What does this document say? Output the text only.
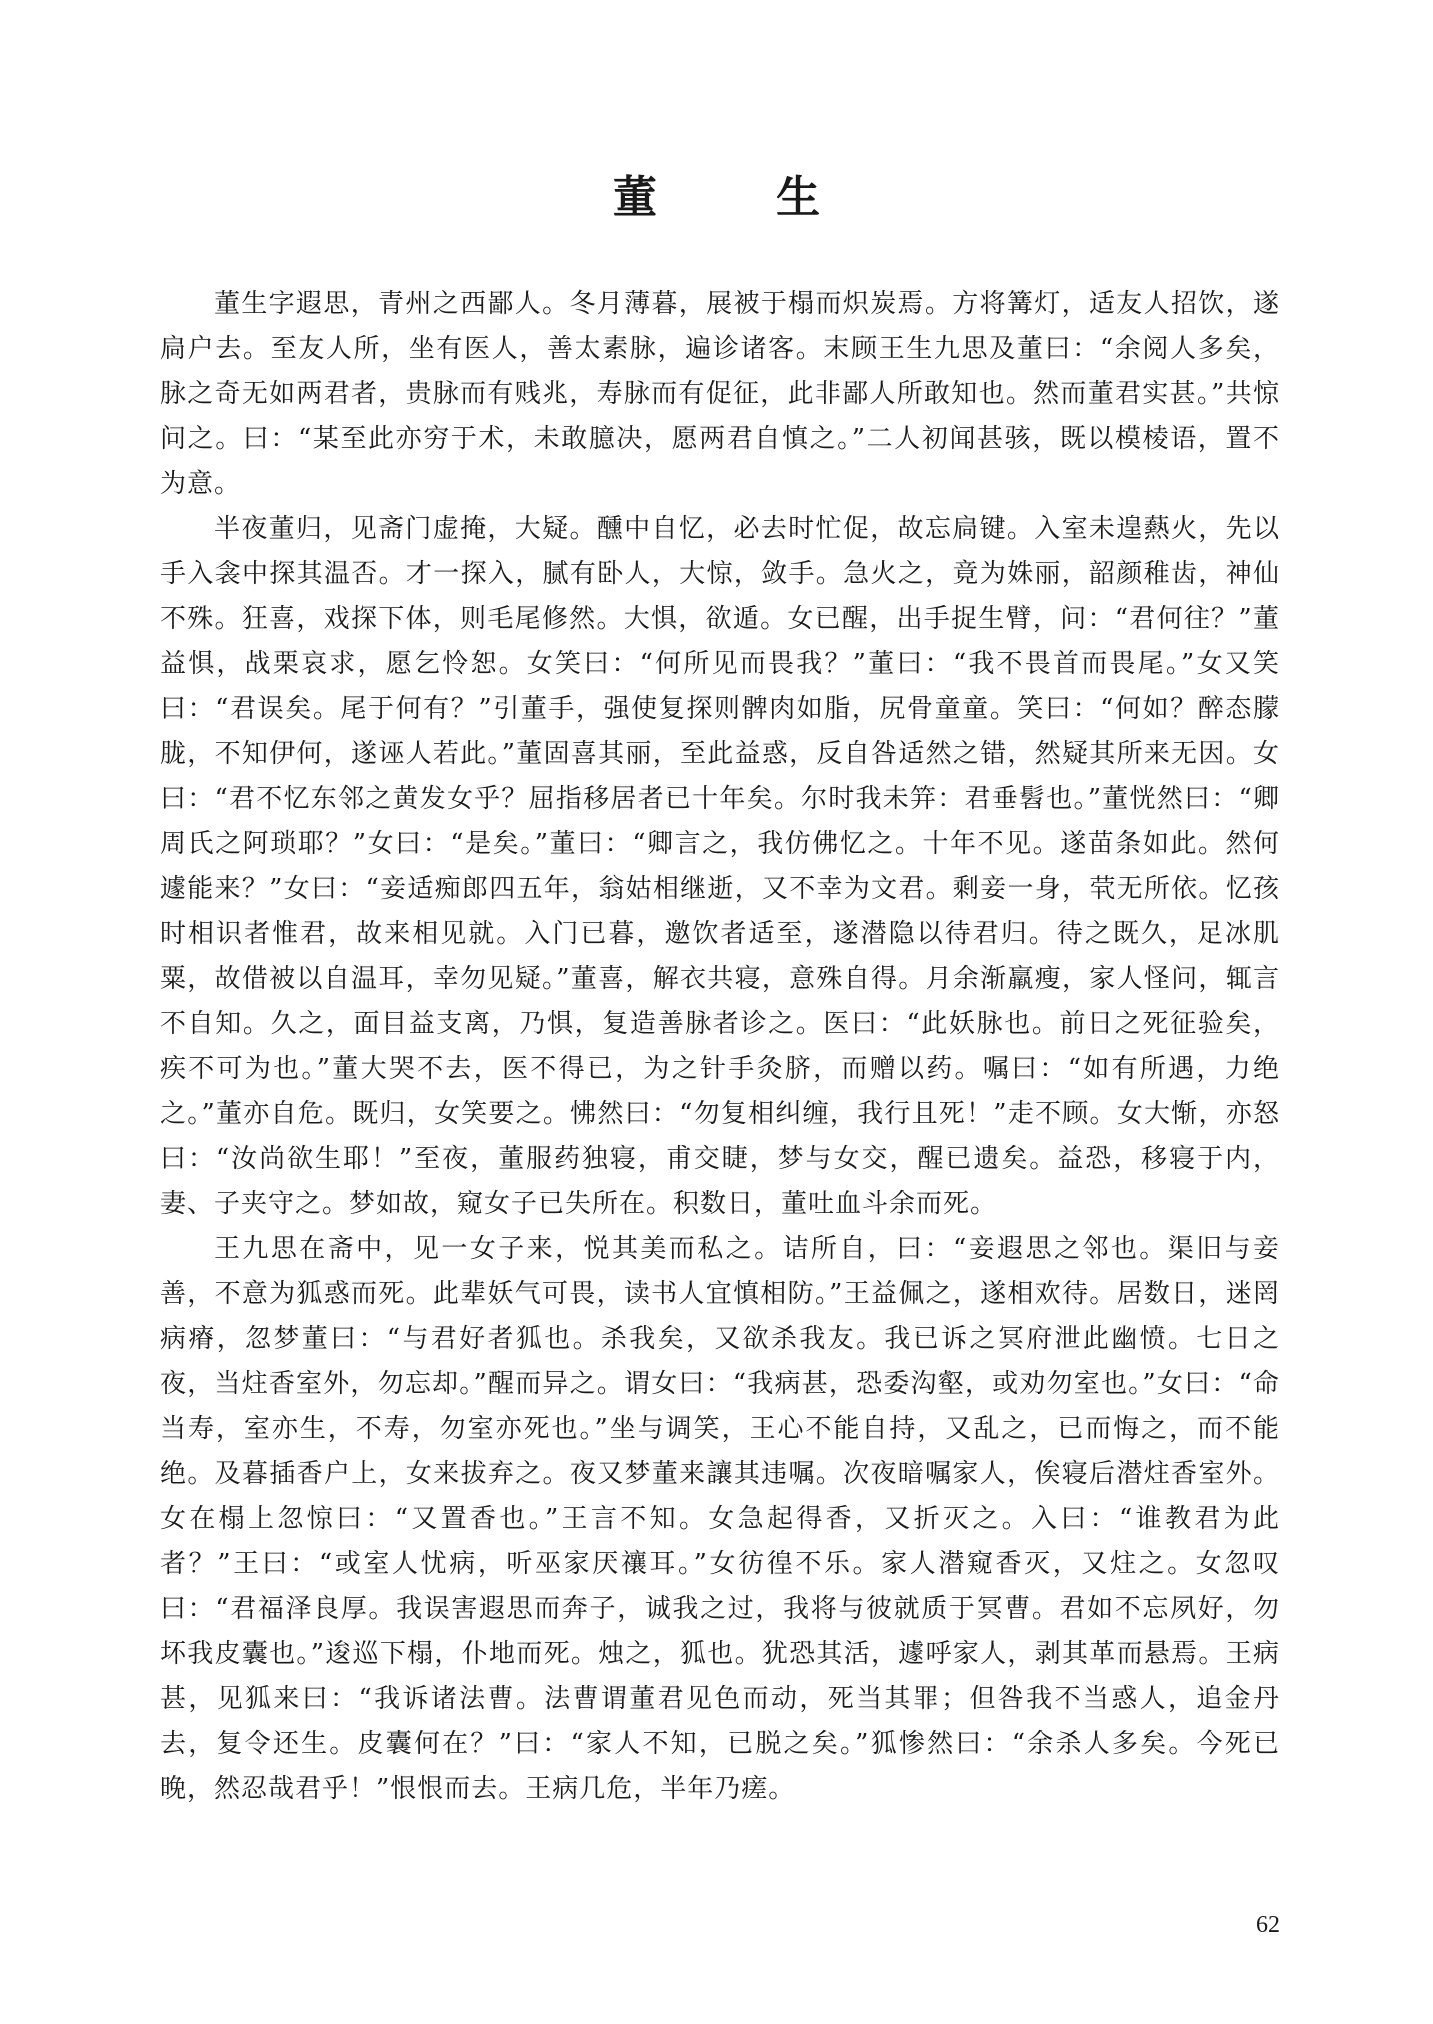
董 生

董生字遐思，青州之西鄙人。冬月薄暮，展被于榻而炽炭焉。方将篝灯，适友人招饮，遂扃户去。至友人所，坐有医人，善太素脉，遍诊诸客。末顾王生九思及董曰：“余阅人多矣，脉之奇无如两君者，贵脉而有贱兆，寿脉而有促征，此非鄙人所敢知也。然而董君实甚。”共惊问之。曰：“某至此亦穷于术，未敢臆决，愿两君自慎之。”二人初闻甚骇，既以模棱语，置不为意。

半夜董归，见斋门虚掩，大疑。醺中自忆，必去时忙促，故忘扃键。入室未遑爇火，先以手入衾中探其温否。才一探入，腻有卧人，大惊，敛手。急火之，竟为姝丽，韶颜稚齿，神仙不殊。狂喜，戏探下体，则毛尾修然。大惧，欲遁。女已醒，出手捉生臂，问：“君何往？”董益惧，战栗哀求，愿乞怜恕。女笑曰：“何所见而畏我？”董曰：“我不畏首而畏尾。”女又笑曰：“君误矣。尾于何有？”引董手，强使复探则髀肉如脂，尻骨童童。笑曰：“何如？醉态朦胧，不知伊何，遂诬人若此。”董固喜其丽，至此益惑，反自咎适然之错，然疑其所来无因。女曰：“君不忆东邻之黄发女乎？屈指移居者已十年矣。尔时我未笄：君垂髫也。”董恍然曰：“卿周氏之阿琐耶？”女曰：“是矣。”董曰：“卿言之，我仿佛忆之。十年不见。遂苗条如此。然何遽能来？”女曰：“妾适痴郎四五年，翁姑相继逝，又不幸为文君。剩妾一身，茕无所依。忆孩时相识者惟君，故来相见就。入门已暮，邀饮者适至，遂潜隐以待君归。待之既久，足冰肌粟，故借被以自温耳，幸勿见疑。”董喜，解衣共寝，意殊自得。月余渐羸瘦，家人怪问，辄言不自知。久之，面目益支离，乃惧，复造善脉者诊之。医曰：“此妖脉也。前日之死征验矣，疾不可为也。”董大哭不去，医不得已，为之针手灸脐，而赠以药。嘱曰：“如有所遇，力绝之。”董亦自危。既归，女笑要之。怫然曰：“勿复相纠缠，我行且死！”走不顾。女大惭，亦怒曰：“汝尚欲生耶！”至夜，董服药独寝，甫交睫，梦与女交，醒已遗矣。益恐，移寝于内，妻、子夹守之。梦如故，窥女子已失所在。积数日，董吐血斗余而死。

王九思在斋中，见一女子来，悦其美而私之。诘所自，曰：“妾遐思之邻也。渠旧与妾善，不意为狐惑而死。此辈妖气可畏，读书人宜慎相防。”王益佩之，遂相欢待。居数日，迷罔病瘠，忽梦董曰：“与君好者狐也。杀我矣，又欲杀我友。我已诉之冥府泄此幽愤。七日之夜，当炷香室外，勿忘却。”醒而异之。谓女曰：“我病甚，恐委沟壑，或劝勿室也。”女曰：“命当寿，室亦生，不寿，勿室亦死也。”坐与调笑，王心不能自持，又乱之，已而悔之，而不能绝。及暮插香户上，女来拔弃之。夜又梦董来讓其违嘱。次夜暗嘱家人，俟寝后潜炷香室外。女在榻上忽惊曰：“又置香也。”王言不知。女急起得香，又折灭之。入曰：“谁教君为此者？”王曰：“或室人忧病，听巫家厌禳耳。”女彷徨不乐。家人潜窥香灭，又炷之。女忽叹曰：“君福泽良厚。我误害遐思而奔子，诚我之过，我将与彼就质于冥曹。君如不忘夙好，勿坏我皮囊也。”逡巡下榻，仆地而死。烛之，狐也。犹恐其活，遽呼家人，剥其革而悬焉。王病甚，见狐来曰：“我诉诸法曹。法曹谓董君见色而动，死当其罪；但咎我不当惑人，追金丹去，复令还生。皮囊何在？”曰：“家人不知，已脱之矣。”狐惨然曰：“余杀人多矣。今死已晚，然忍哉君乎！”恨恨而去。王病几危，半年乃瘥。

62
